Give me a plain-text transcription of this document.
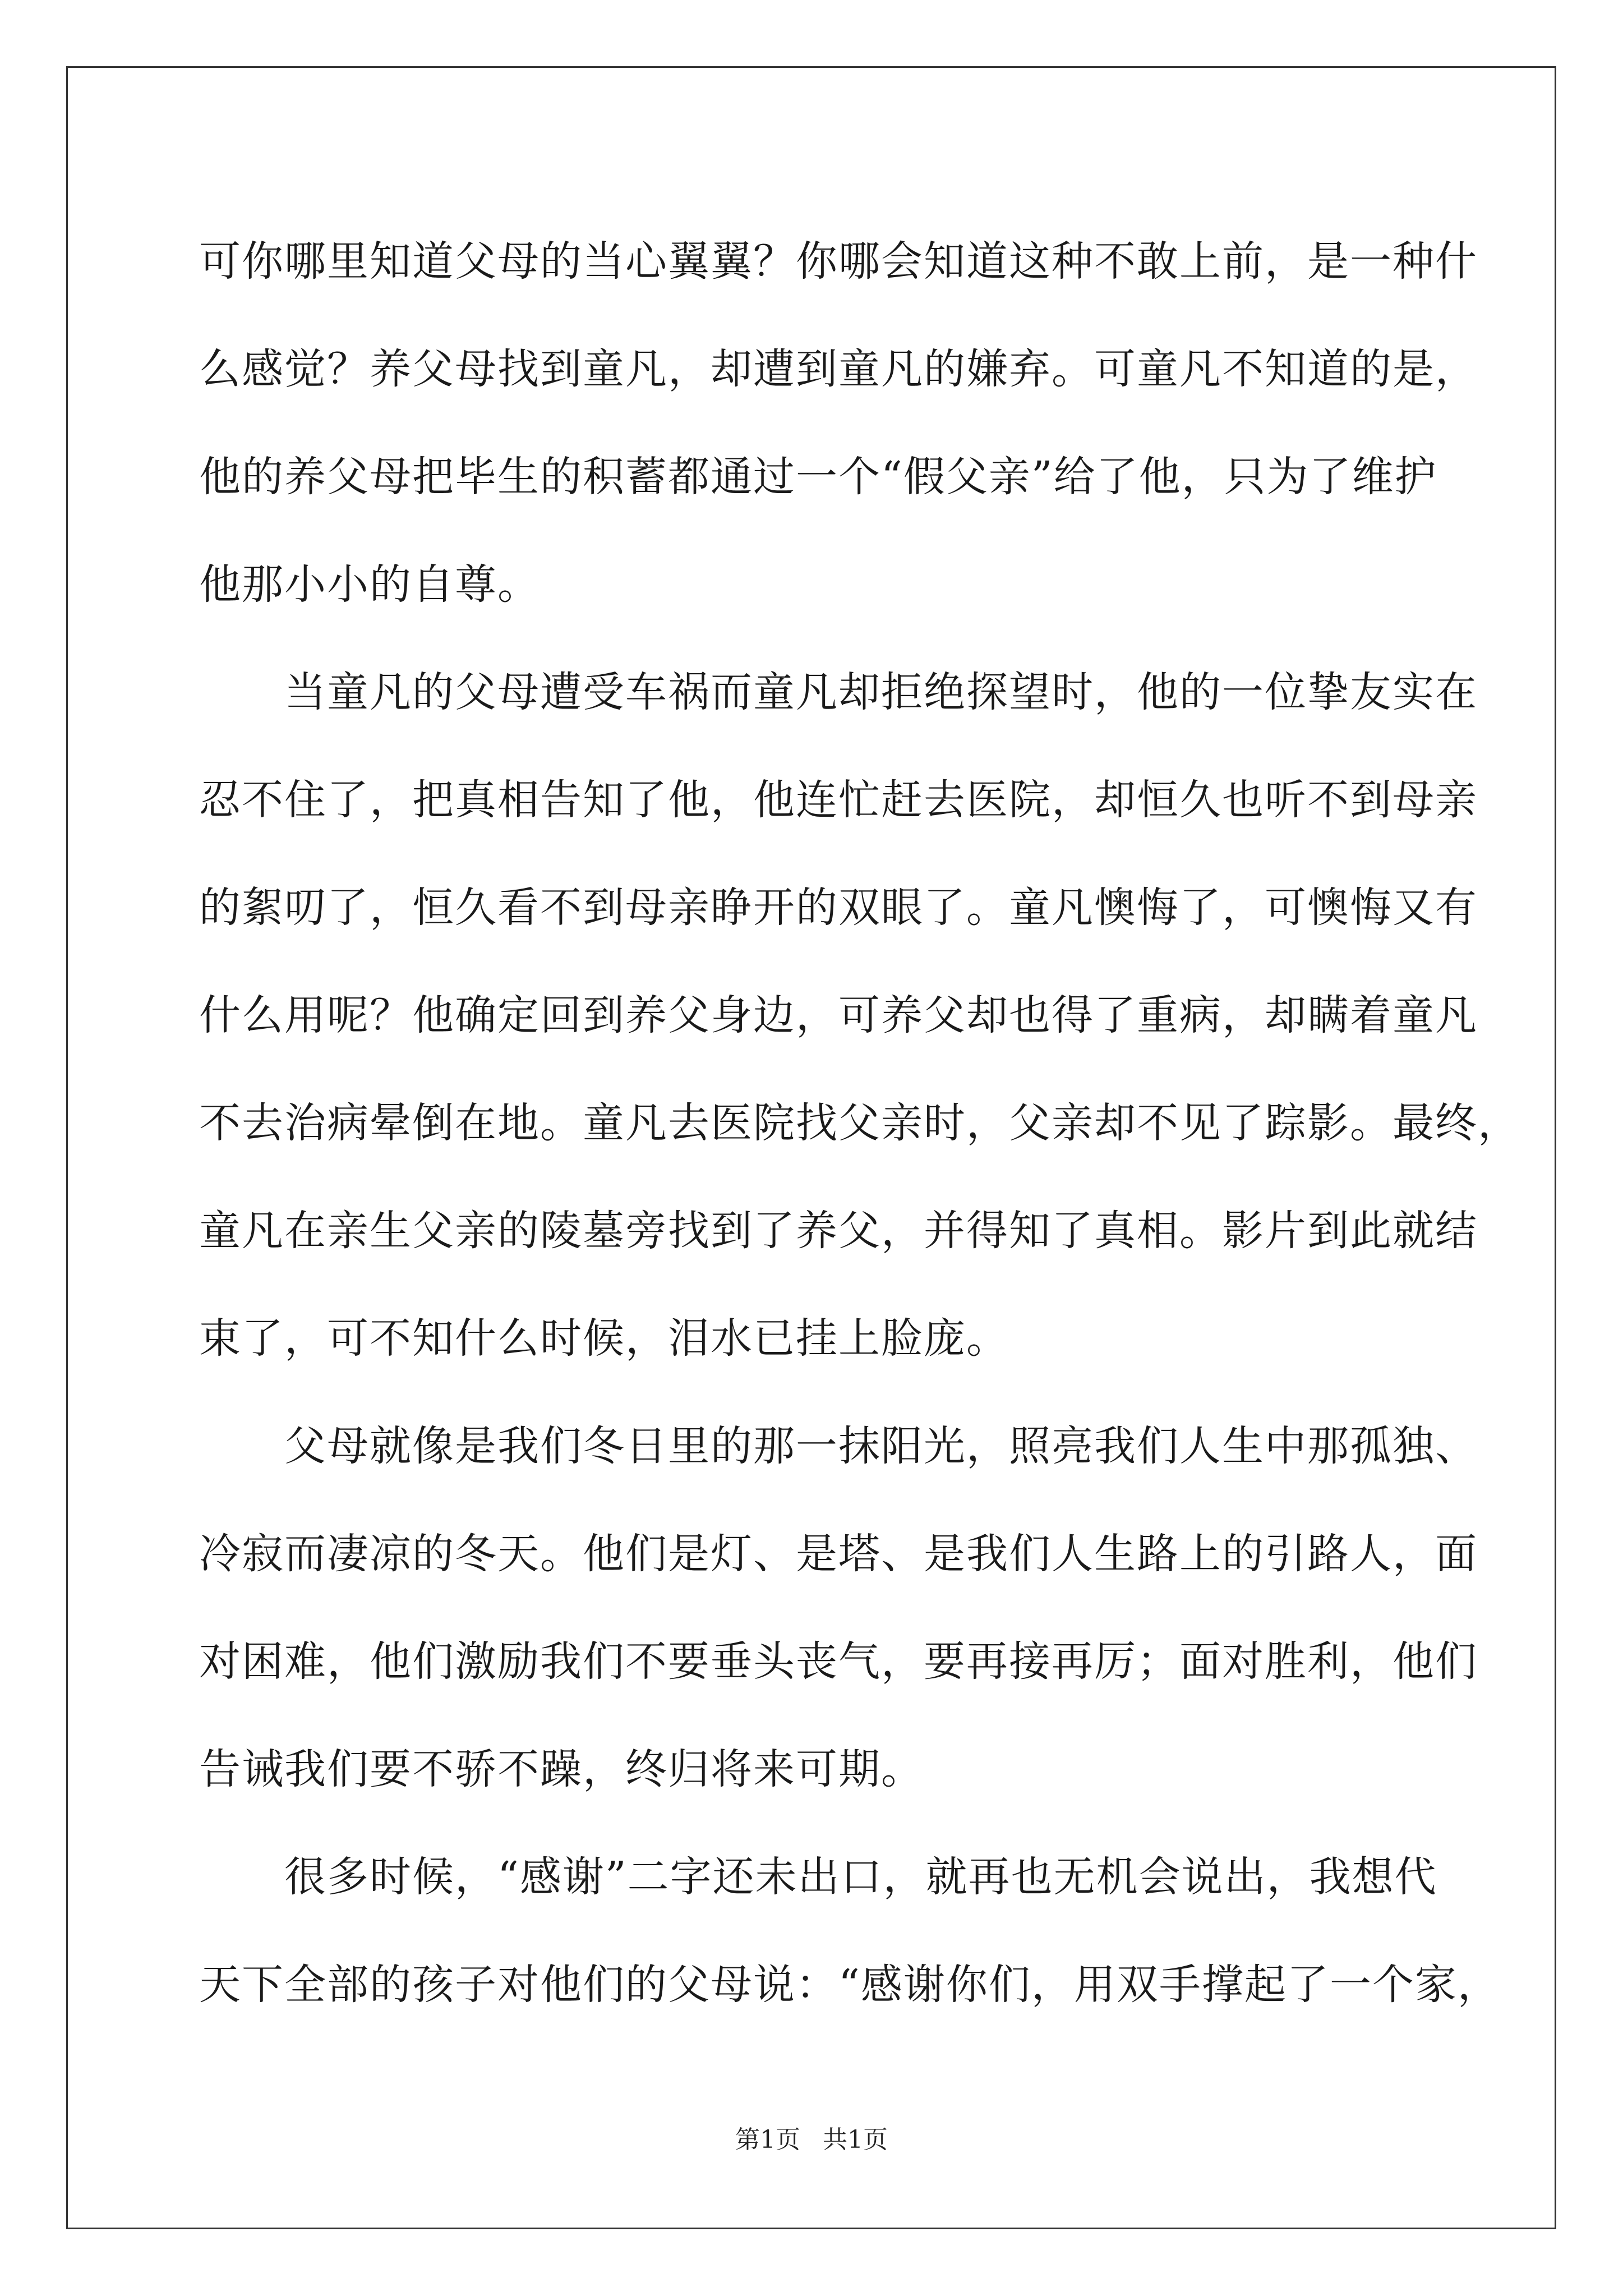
可你哪里知道父母的当心翼翼？你哪会知道这种不敢上前，是一种什
么感觉？养父母找到童凡，却遭到童凡的嫌弃。可童凡不知道的是，
他的养父母把毕生的积蓄都通过一个“假父亲”给了他，只为了维护
他那小小的自尊。
　　当童凡的父母遭受车祸而童凡却拒绝探望时，他的一位挚友实在
忍不住了，把真相告知了他，他连忙赶去医院，却恒久也听不到母亲
的絮叨了，恒久看不到母亲睁开的双眼了。童凡懊悔了，可懊悔又有
什么用呢？他确定回到养父身边，可养父却也得了重病，却瞒着童凡
不去治病晕倒在地。童凡去医院找父亲时，父亲却不见了踪影。最终，
童凡在亲生父亲的陵墓旁找到了养父，并得知了真相。影片到此就结
束了，可不知什么时候，泪水已挂上脸庞。
　　父母就像是我们冬日里的那一抹阳光，照亮我们人生中那孤独、
冷寂而凄凉的冬天。他们是灯、是塔、是我们人生路上的引路人，面
对困难，他们激励我们不要垂头丧气，要再接再厉；面对胜利，他们
告诫我们要不骄不躁，终归将来可期。
　　很多时候，“感谢”二字还未出口，就再也无机会说出，我想代
天下全部的孩子对他们的父母说：“感谢你们，用双手撑起了一个家，
第1页 共1页
